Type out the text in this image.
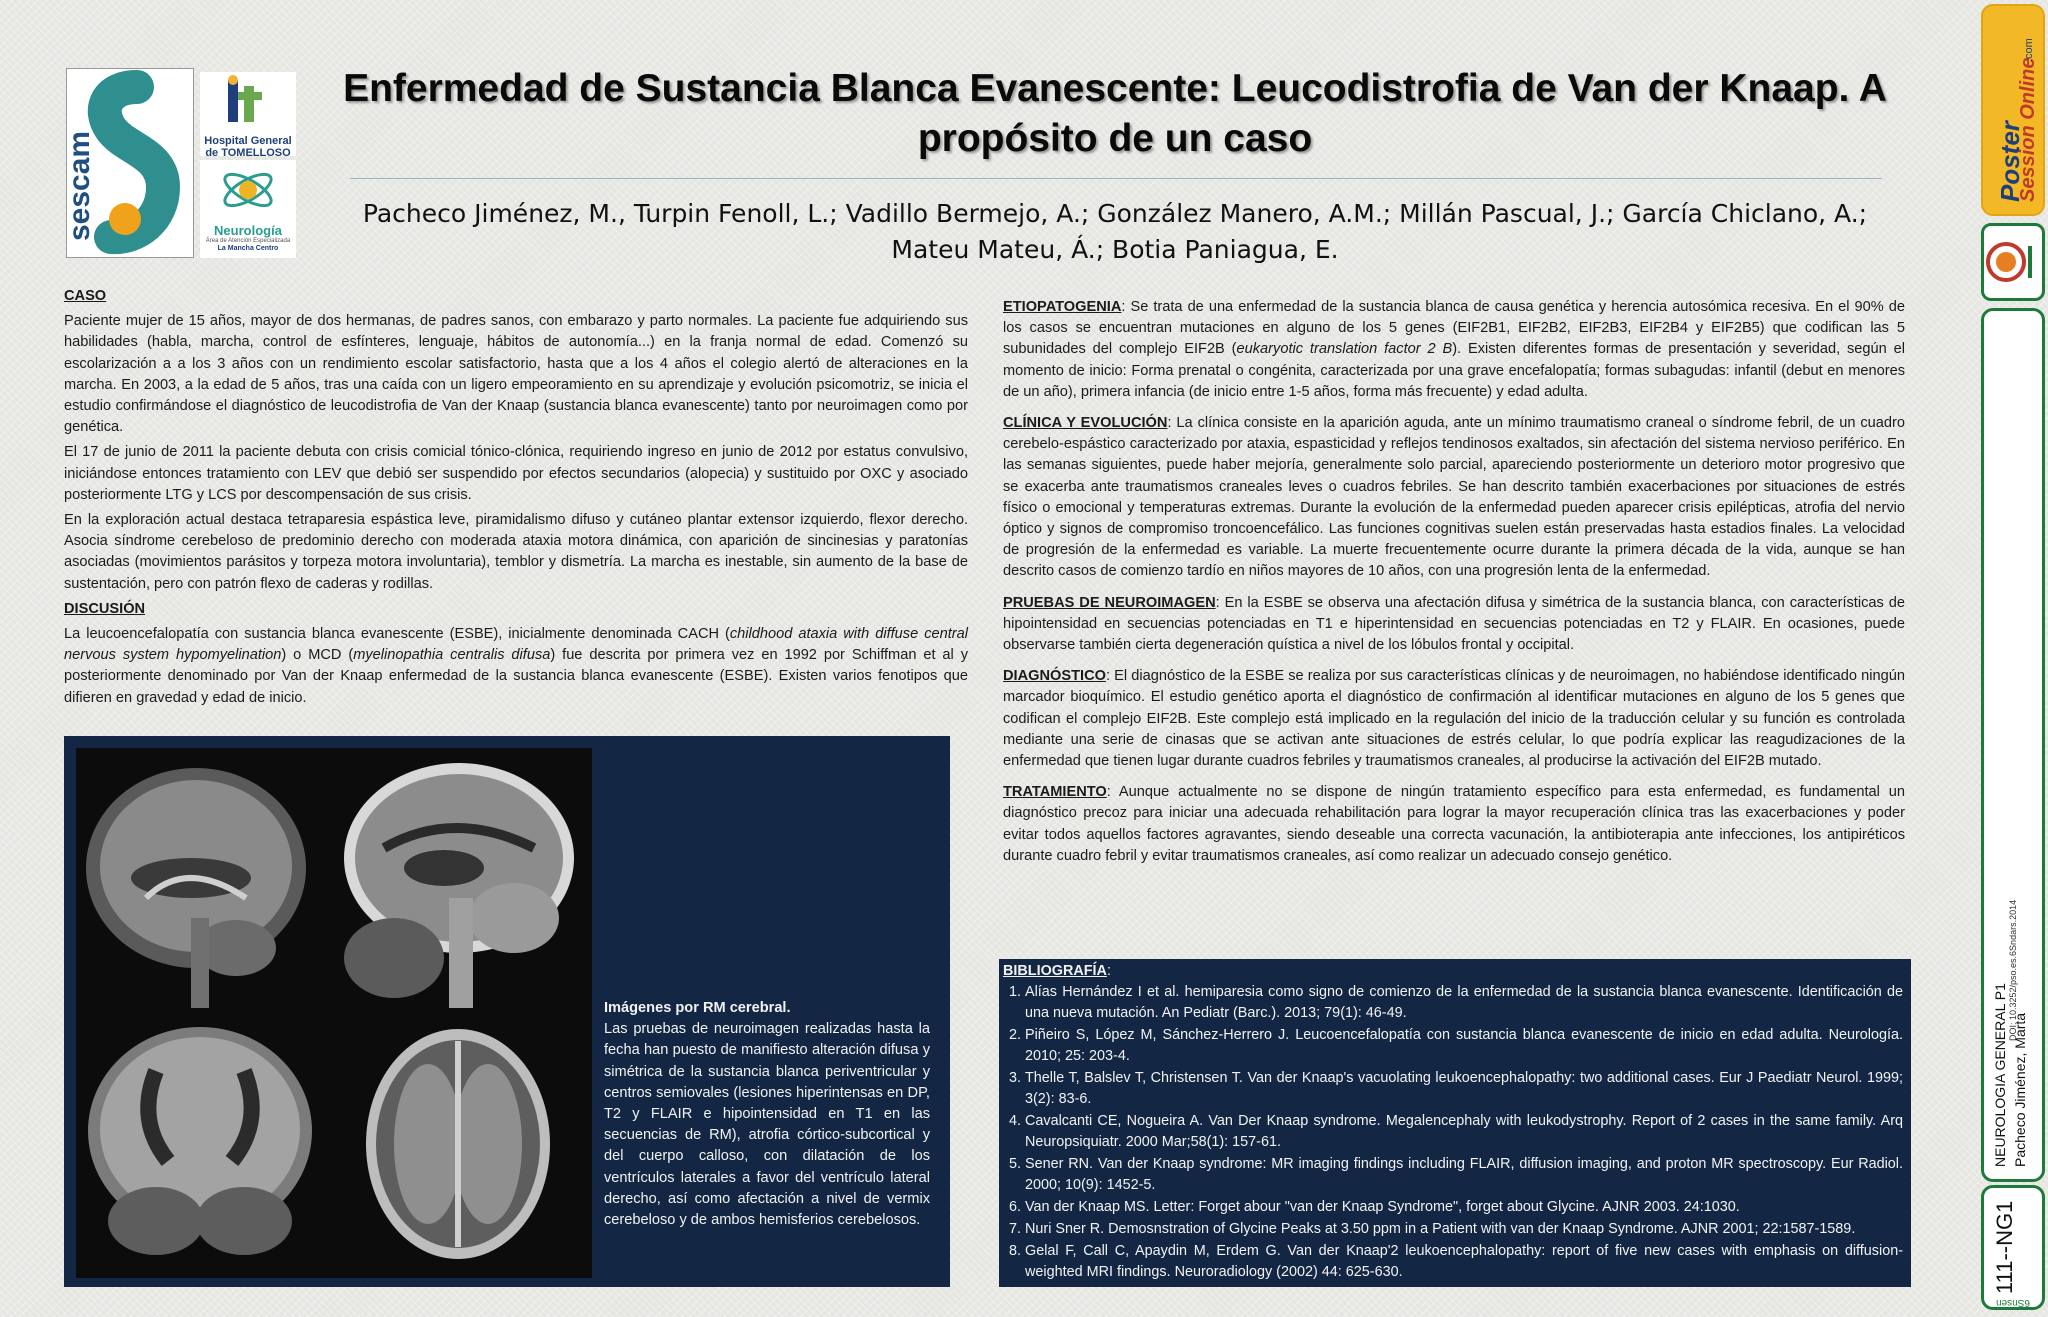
sescam	Hospital General
de TOMELLOSO
Neurología
Área de Atención Especializada
La Mancha Centro
Enfermedad de Sustancia Blanca Evanescente: Leucodistrofia de Van der Knaap. A propósito de un caso
Pacheco Jiménez, M., Turpin Fenoll, L.; Vadillo Bermejo, A.; González Manero, A.M.; Millán Pascual, J.; García Chiclano, A.; Mateu Mateu, Á.; Botia Paniagua, E.

CASO

Paciente mujer de 15 años, mayor de dos hermanas, de padres sanos, con embarazo y parto normales. La paciente fue adquiriendo sus habilidades (habla, marcha, control de esfínteres, lenguaje, hábitos de autonomía...) en la franja normal de edad. Comenzó su escolarización a a los 3 años con un rendimiento escolar satisfactorio, hasta que a los 4 años el colegio alertó de alteraciones en la marcha. En 2003, a la edad de 5 años, tras una caída con un ligero empeoramiento en su aprendizaje y evolución psicomotriz, se inicia el estudio confirmándose el diagnóstico de leucodistrofia de Van der Knaap (sustancia blanca evanescente) tanto por neuroimagen como por genética.

El 17 de junio de 2011 la paciente debuta con crisis comicial tónico-clónica, requiriendo ingreso en junio de 2012 por estatus convulsivo, iniciándose entonces tratamiento con LEV que debió ser suspendido por efectos secundarios (alopecia) y sustituido por OXC y asociado posteriormente LTG y LCS por descompensación de sus crisis.

En la exploración actual destaca tetraparesia espástica leve, piramidalismo difuso y cutáneo plantar extensor izquierdo, flexor derecho. Asocia síndrome cerebeloso de predominio derecho con moderada ataxia motora dinámica, con aparición de sincinesias y paratonías asociadas (movimientos parásitos y torpeza motora involuntaria), temblor y dismetría. La marcha es inestable, sin aumento de la base de sustentación, pero con patrón flexo de caderas y rodillas.

DISCUSIÓN

La leucoencefalopatía con sustancia blanca evanescente (ESBE), inicialmente denominada CACH (childhood ataxia with diffuse central nervous system hypomyelination) o MCD (myelinopathia centralis difusa) fue descrita por primera vez en 1992 por Schiffman et al y posteriormente denominado por Van der Knaap enfermedad de la sustancia blanca evanescente (ESBE). Existen varios fenotipos que difieren en gravedad y edad de inicio.

Imágenes por RM cerebral.
Las pruebas de neuroimagen realizadas hasta la fecha han puesto de manifiesto alteración difusa y simétrica de la sustancia blanca periventricular y centros semiovales (lesiones hiperintensas en DP, T2 y FLAIR e hipointensidad en T1 en las secuencias de RM), atrofia córtico-subcortical y del cuerpo calloso, con dilatación de los ventrículos laterales a favor del ventrículo lateral derecho, así como afectación a nivel de vermix cerebeloso y de ambos hemisferios cerebelosos.
ETIOPATOGENIA: Se trata de una enfermedad de la sustancia blanca de causa genética y herencia autosómica recesiva. En el 90% de los casos se encuentran mutaciones en alguno de los 5 genes (EIF2B1, EIF2B2, EIF2B3, EIF2B4 y EIF2B5) que codifican las 5 subunidades del complejo EIF2B (eukaryotic translation factor 2 B). Existen diferentes formas de presentación y severidad, según el momento de inicio: Forma prenatal o congénita, caracterizada por una grave encefalopatía; formas subagudas: infantil (debut en menores de un año), primera infancia (de inicio entre 1-5 años, forma más frecuente) y edad adulta.
CLÍNICA Y EVOLUCIÓN: La clínica consiste en la aparición aguda, ante un mínimo traumatismo craneal o síndrome febril, de un cuadro cerebelo-espástico caracterizado por ataxia, espasticidad y reflejos tendinosos exaltados, sin afectación del sistema nervioso periférico. En las semanas siguientes, puede haber mejoría, generalmente solo parcial, apareciendo posteriormente un deterioro motor progresivo que se exacerba ante traumatismos craneales leves o cuadros febriles. Se han descrito también exacerbaciones por situaciones de estrés físico o emocional y temperaturas extremas. Durante la evolución de la enfermedad pueden aparecer crisis epilépticas, atrofia del nervio óptico y signos de compromiso troncoencefálico. Las funciones cognitivas suelen están preservadas hasta estadios finales. La velocidad de progresión de la enfermedad es variable. La muerte frecuentemente ocurre durante la primera década de la vida, aunque se han descrito casos de comienzo tardío en niños mayores de 10 años, con una progresión lenta de la enfermedad.
PRUEBAS DE NEUROIMAGEN: En la ESBE se observa una afectación difusa y simétrica de la sustancia blanca, con características de hipointensidad en secuencias potenciadas en T1 e hiperintensidad en secuencias potenciadas en T2 y FLAIR. En ocasiones, puede observarse también cierta degeneración quística a nivel de los lóbulos frontal y occipital.
DIAGNÓSTICO: El diagnóstico de la ESBE se realiza por sus características clínicas y de neuroimagen, no habiéndose identificado ningún marcador bioquímico. El estudio genético aporta el diagnóstico de confirmación al identificar mutaciones en alguno de los 5 genes que codifican el complejo EIF2B. Este complejo está implicado en la regulación del inicio de la traducción celular y su función es controlada mediante una serie de cinasas que se activan ante situaciones de estrés celular, lo que podría explicar las reagudizaciones de la enfermedad que tienen lugar durante cuadros febriles y traumatismos craneales, al producirse la activación del EIF2B mutado.
TRATAMIENTO: Aunque actualmente no se dispone de ningún tratamiento específico para esta enfermedad, es fundamental un diagnóstico precoz para iniciar una adecuada rehabilitación para lograr la mayor recuperación clínica tras las exacerbaciones y poder evitar todos aquellos factores agravantes, siendo deseable una correcta vacunación, la antibioterapia ante infecciones, los antipiréticos durante cuadro febril y evitar traumatismos craneales, así como realizar un adecuado consejo genético.
BIBLIOGRAFÍA:
1. Alías Hernández I et al. hemiparesia como signo de comienzo de la enfermedad de la sustancia blanca evanescente. Identificación de una nueva mutación. An Pediatr (Barc.). 2013; 79(1): 46-49.
2. Piñeiro S, López M, Sánchez-Herrero J. Leucoencefalopatía con sustancia blanca evanescente de inicio en edad adulta. Neurología. 2010; 25: 203-4.
3. Thelle T, Balslev T, Christensen T. Van der Knaap's vacuolating leukoencephalopathy: two additional cases. Eur J Paediatr Neurol. 1999; 3(2): 83-6.
4. Cavalcanti CE, Nogueira A. Van Der Knaap syndrome. Megalencephaly with leukodystrophy. Report of 2 cases in the same family. Arq Neuropsiquiatr. 2000 Mar;58(1): 157-61.
5. Sener RN. Van der Knaap syndrome: MR imaging findings including FLAIR, diffusion imaging, and proton MR spectroscopy. Eur Radiol. 2000; 10(9): 1452-5.
6. Van der Knaap MS. Letter: Forget abour "van der Knaap Syndrome", forget about Glycine. AJNR 2003. 24:1030.
7. Nuri Sner R. Demosnstration of Glycine Peaks at 3.50 ppm in a Patient with van der Knaap Syndrome. AJNR 2001; 22:1587-1589.
8. Gelal F, Call C, Apaydin M, Erdem G. Van der Knaap'2 leukoencephalopathy: report of five new cases with emphasis on diffusion-weighted MRI findings. Neuroradiology (2002) 44: 625-630.
Poster
Session Online
.com
DOI: 10.3252/pso.es.6Sndars.2014
NEUROLOGIA GENERAL P1 Pacheco Jiménez, Marta
111--NG1
6Snsen
